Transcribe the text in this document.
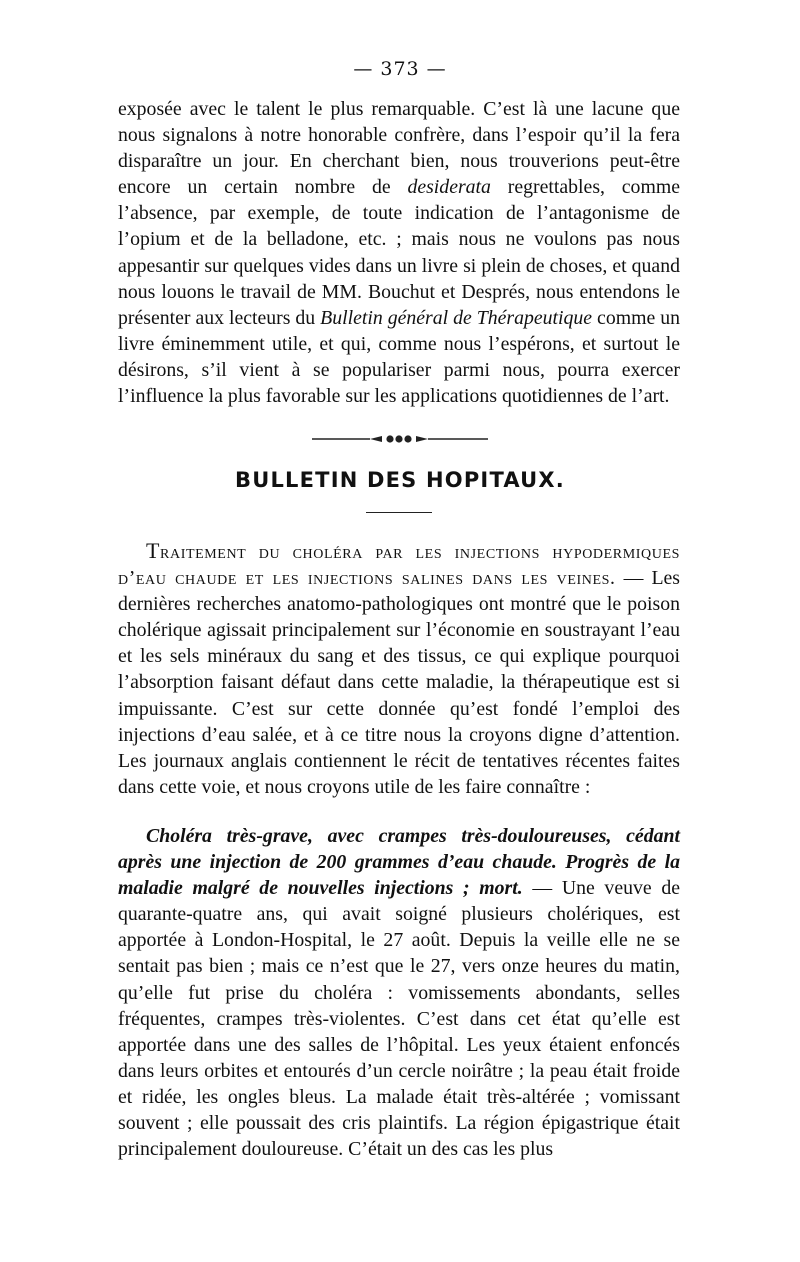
— 373 —

exposée avec le talent le plus remarquable. C’est là une lacune que nous signalons à notre honorable confrère, dans l’espoir qu’il la fera disparaître un jour. En cherchant bien, nous trouverions peut-être encore un certain nombre de desiderata regrettables, comme l’absence, par exemple, de toute indication de l’antagonisme de l’opium et de la belladone, etc. ; mais nous ne voulons pas nous appesantir sur quelques vides dans un livre si plein de choses, et quand nous louons le travail de MM. Bouchut et Després, nous entendons le présenter aux lecteurs du Bulletin général de Thérapeutique comme un livre éminemment utile, et qui, comme nous l’espérons, et surtout le désirons, s’il vient à se populariser parmi nous, pourra exercer l’influence la plus favorable sur les applications quotidiennes de l’art.

BULLETIN DES HOPITAUX.

Traitement du choléra par les injections hypodermiques d’eau chaude et les injections salines dans les veines. — Les dernières recherches anatomo-pathologiques ont montré que le poison cholérique agissait principalement sur l’économie en soustrayant l’eau et les sels minéraux du sang et des tissus, ce qui explique pourquoi l’absorption faisant défaut dans cette maladie, la thérapeutique est si impuissante. C’est sur cette donnée qu’est fondé l’emploi des injections d’eau salée, et à ce titre nous la croyons digne d’attention. Les journaux anglais contiennent le récit de tentatives récentes faites dans cette voie, et nous croyons utile de les faire connaître :

Choléra très-grave, avec crampes très-douloureuses, cédant après une injection de 200 grammes d’eau chaude. Progrès de la maladie malgré de nouvelles injections ; mort. — Une veuve de quarante-quatre ans, qui avait soigné plusieurs cholériques, est apportée à London-Hospital, le 27 août. Depuis la veille elle ne se sentait pas bien ; mais ce n’est que le 27, vers onze heures du matin, qu’elle fut prise du choléra : vomissements abondants, selles fréquentes, crampes très-violentes. C’est dans cet état qu’elle est apportée dans une des salles de l’hôpital. Les yeux étaient enfoncés dans leurs orbites et entourés d’un cercle noirâtre ; la peau était froide et ridée, les ongles bleus. La malade était très-altérée ; vomissant souvent ; elle poussait des cris plaintifs. La région épigastrique était principalement douloureuse. C’était un des cas les plus
